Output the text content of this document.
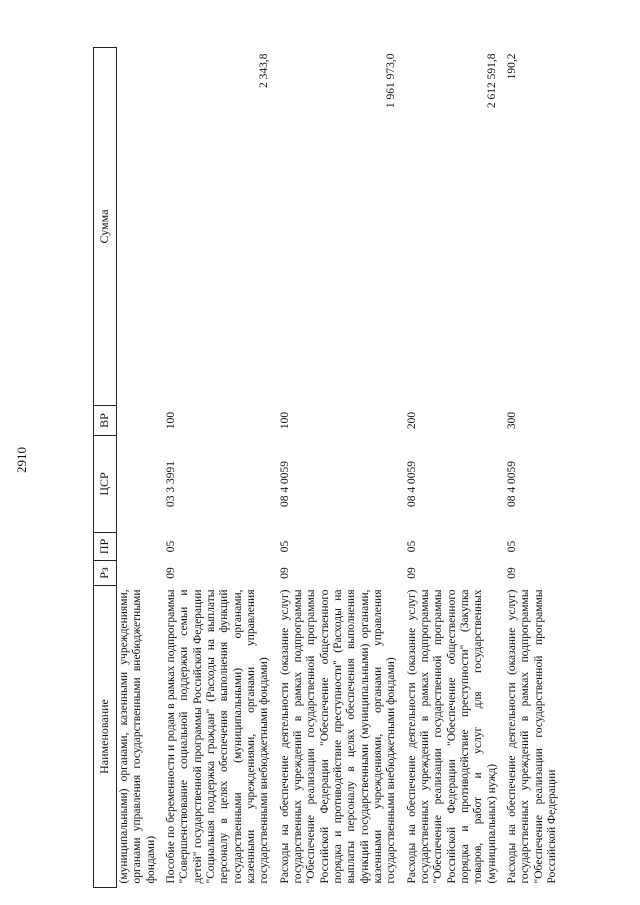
2910
Наименование	Рз	ПР	ЦСР	ВР	Сумма
(муниципальными) органами, казенными учреждениями, органами управления государственными внебюджетными фондами)					
Пособие по беременности и родам в рамках подпрограммы "Совершенствование социальной поддержки семьи и детей" государственной программы Российской Федерации "Социальная поддержка граждан" (Расходы на выплаты персоналу в целях обеспечения выполнения функций государственными (муниципальными) органами, казенными учреждениями, органами управления государственными внебюджетными фондами)	09	05	03 3 3991	100	2 343,8
Расходы на обеспечение деятельности (оказание услуг) государственных учреждений в рамках подпрограммы "Обеспечение реализации государственной программы Российской Федерации "Обеспечение общественного порядка и противодействие преступности" (Расходы на выплаты персоналу в целях обеспечения выполнения функций государственными (муниципальными) органами, казенными учреждениями, органами управления государственными внебюджетными фондами)	09	05	08 4 0059	100	1 961 973,0
Расходы на обеспечение деятельности (оказание услуг) государственных учреждений в рамках подпрограммы "Обеспечение реализации государственной программы Российской Федерации "Обеспечение общественного порядка и противодействие преступности" (Закупка товаров, работ и услуг для государственных (муниципальных) нужд)	09	05	08 4 0059	200	2 612 591,8
Расходы на обеспечение деятельности (оказание услуг) государственных учреждений в рамках подпрограммы "Обеспечение реализации государственной программы Российской Федерации	09	05	08 4 0059	300	190,2
